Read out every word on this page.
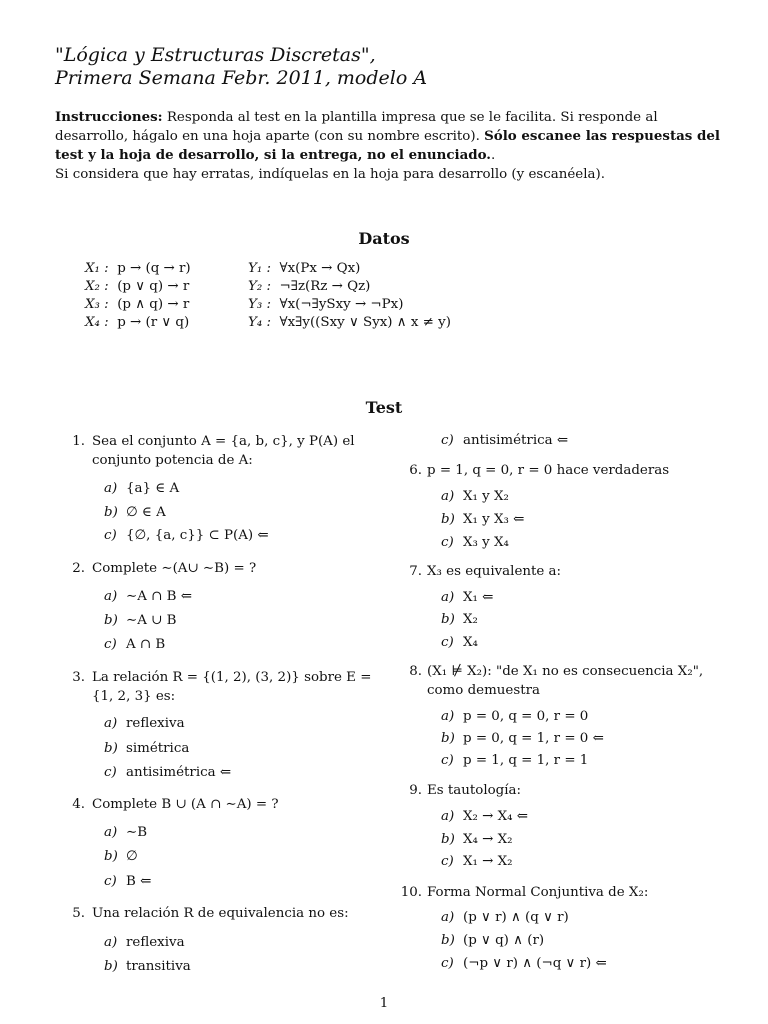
"Lógica y Estructuras Discretas",
Primera Semana Febr. 2011, modelo A
Instrucciones: Responda al test en la plantilla impresa que se le facilita. Si responde al desarrollo, hágalo en una hoja aparte (con su nombre escrito). Sólo escanee las respuestas del test y la hoja de desarrollo, si la entrega, no el enunciado..
Si considera que hay erratas, indíquelas en la hoja para desarrollo (y escanéela).
Datos
X₁ : p → (q → r)
X₂ : (p ∨ q) → r
X₃ : (p ∧ q) → r
X₄ : p → (r ∨ q)
Y₁ : ∀x(Px → Qx)
Y₂ : ¬∃z(Rz → Qz)
Y₃ : ∀x(¬∃ySxy → ¬Px)
Y₄ : ∀x∃y((Sxy ∨ Syx) ∧ x ≠ y)
Test
1. Sea el conjunto A = {a, b, c}, y P(A) el conjunto potencia de A:
a) {a} ∈ A
b) ∅ ∈ A
c) {∅, {a, c}} ⊂ P(A) ⇐
2. Complete ∼(A∪ ∼B) = ?
a) ∼A ∩ B ⇐
b) ∼A ∪ B
c) A ∩ B
3. La relación R = {(1, 2), (3, 2)} sobre E = {1, 2, 3} es:
a) reflexiva
b) simétrica
c) antisimétrica ⇐
4. Complete B ∪ (A ∩ ∼A) = ?
a) ∼B
b) ∅
c) B ⇐
5. Una relación R de equivalencia no es:
a) reflexiva
b) transitiva
c) antisimétrica ⇐
6. p = 1, q = 0, r = 0 hace verdaderas
a) X₁ y X₂
b) X₁ y X₃ ⇐
c) X₃ y X₄
7. X₃ es equivalente a:
a) X₁ ⇐
b) X₂
c) X₄
8. (X₁ ⊭ X₂): "de X₁ no es consecuencia X₂", como demuestra
a) p = 0, q = 0, r = 0
b) p = 0, q = 1, r = 0 ⇐
c) p = 1, q = 1, r = 1
9. Es tautología:
a) X₂ → X₄ ⇐
b) X₄ → X₂
c) X₁ → X₂
10. Forma Normal Conjuntiva de X₂:
a) (p ∨ r) ∧ (q ∨ r)
b) (p ∨ q) ∧ (r)
c) (¬p ∨ r) ∧ (¬q ∨ r) ⇐
1
